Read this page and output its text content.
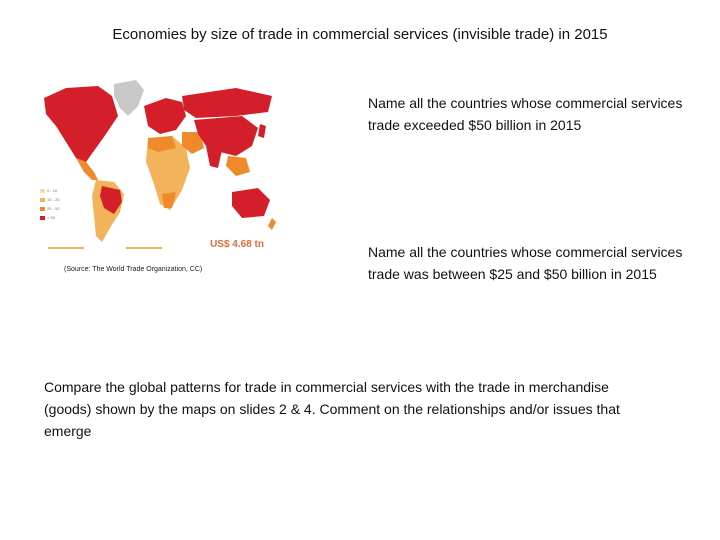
Economies by size of trade in commercial services (invisible trade) in 2015
0 - 10
10 - 25
25 - 50
> 50
US$ 4.68 tn
(Source: The World Trade Organization, CC)
Name all the countries whose commercial services trade exceeded $50 billion in 2015
Name all the countries whose commercial services trade was between $25 and $50 billion in 2015
Compare the global patterns for trade in commercial services with the trade in merchandise (goods) shown by the maps on slides 2 & 4. Comment on the relationships and/or issues that emerge
